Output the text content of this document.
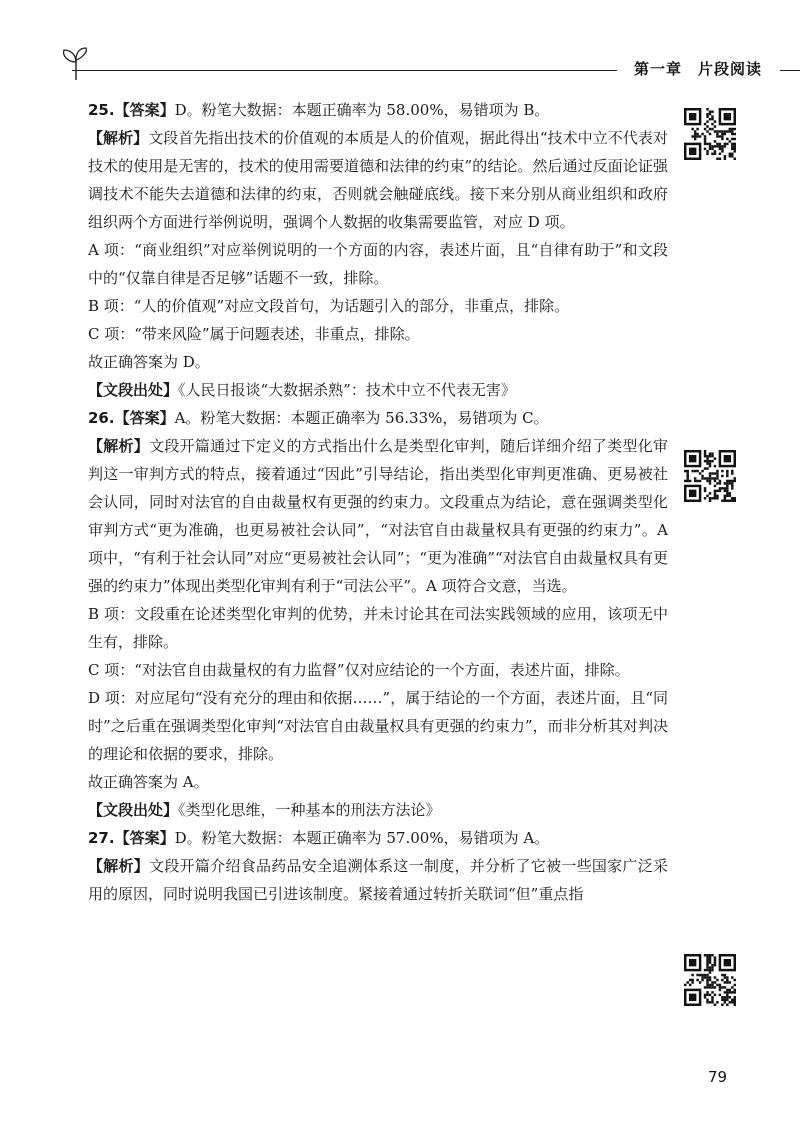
第一章 片段阅读

25.【答案】D。粉笔大数据：本题正确率为 58.00%，易错项为 B。

【解析】文段首先指出技术的价值观的本质是人的价值观，据此得出“技术中立不代表对技术的使用是无害的，技术的使用需要道德和法律的约束”的结论。然后通过反面论证强调技术不能失去道德和法律的约束，否则就会触碰底线。接下来分别从商业组织和政府组织两个方面进行举例说明，强调个人数据的收集需要监管，对应 D 项。

A 项：“商业组织”对应举例说明的一个方面的内容，表述片面，且“自律有助于”和文段中的“仅靠自律是否足够”话题不一致，排除。

B 项：“人的价值观”对应文段首句，为话题引入的部分，非重点，排除。

C 项：“带来风险”属于问题表述，非重点，排除。

故正确答案为 D。

【文段出处】《人民日报谈“大数据杀熟”：技术中立不代表无害》

26.【答案】A。粉笔大数据：本题正确率为 56.33%，易错项为 C。

【解析】文段开篇通过下定义的方式指出什么是类型化审判，随后详细介绍了类型化审判这一审判方式的特点，接着通过“因此”引导结论，指出类型化审判更准确、更易被社会认同，同时对法官的自由裁量权有更强的约束力。文段重点为结论，意在强调类型化审判方式“更为准确，也更易被社会认同”，“对法官自由裁量权具有更强的约束力”。A 项中，“有利于社会认同”对应“更易被社会认同”；“更为准确”“对法官自由裁量权具有更强的约束力”体现出类型化审判有利于“司法公平”。A 项符合文意，当选。

B 项：文段重在论述类型化审判的优势，并未讨论其在司法实践领域的应用，该项无中生有，排除。

C 项：“对法官自由裁量权的有力监督”仅对应结论的一个方面，表述片面，排除。

D 项：对应尾句“没有充分的理由和依据……”，属于结论的一个方面，表述片面，且“同时”之后重在强调类型化审判“对法官自由裁量权具有更强的约束力”，而非分析其对判决的理论和依据的要求，排除。

故正确答案为 A。

【文段出处】《类型化思维，一种基本的刑法方法论》

27.【答案】D。粉笔大数据：本题正确率为 57.00%，易错项为 A。

【解析】文段开篇介绍食品药品安全追溯体系这一制度，并分析了它被一些国家广泛采用的原因，同时说明我国已引进该制度。紧接着通过转折关联词“但”重点指

79
